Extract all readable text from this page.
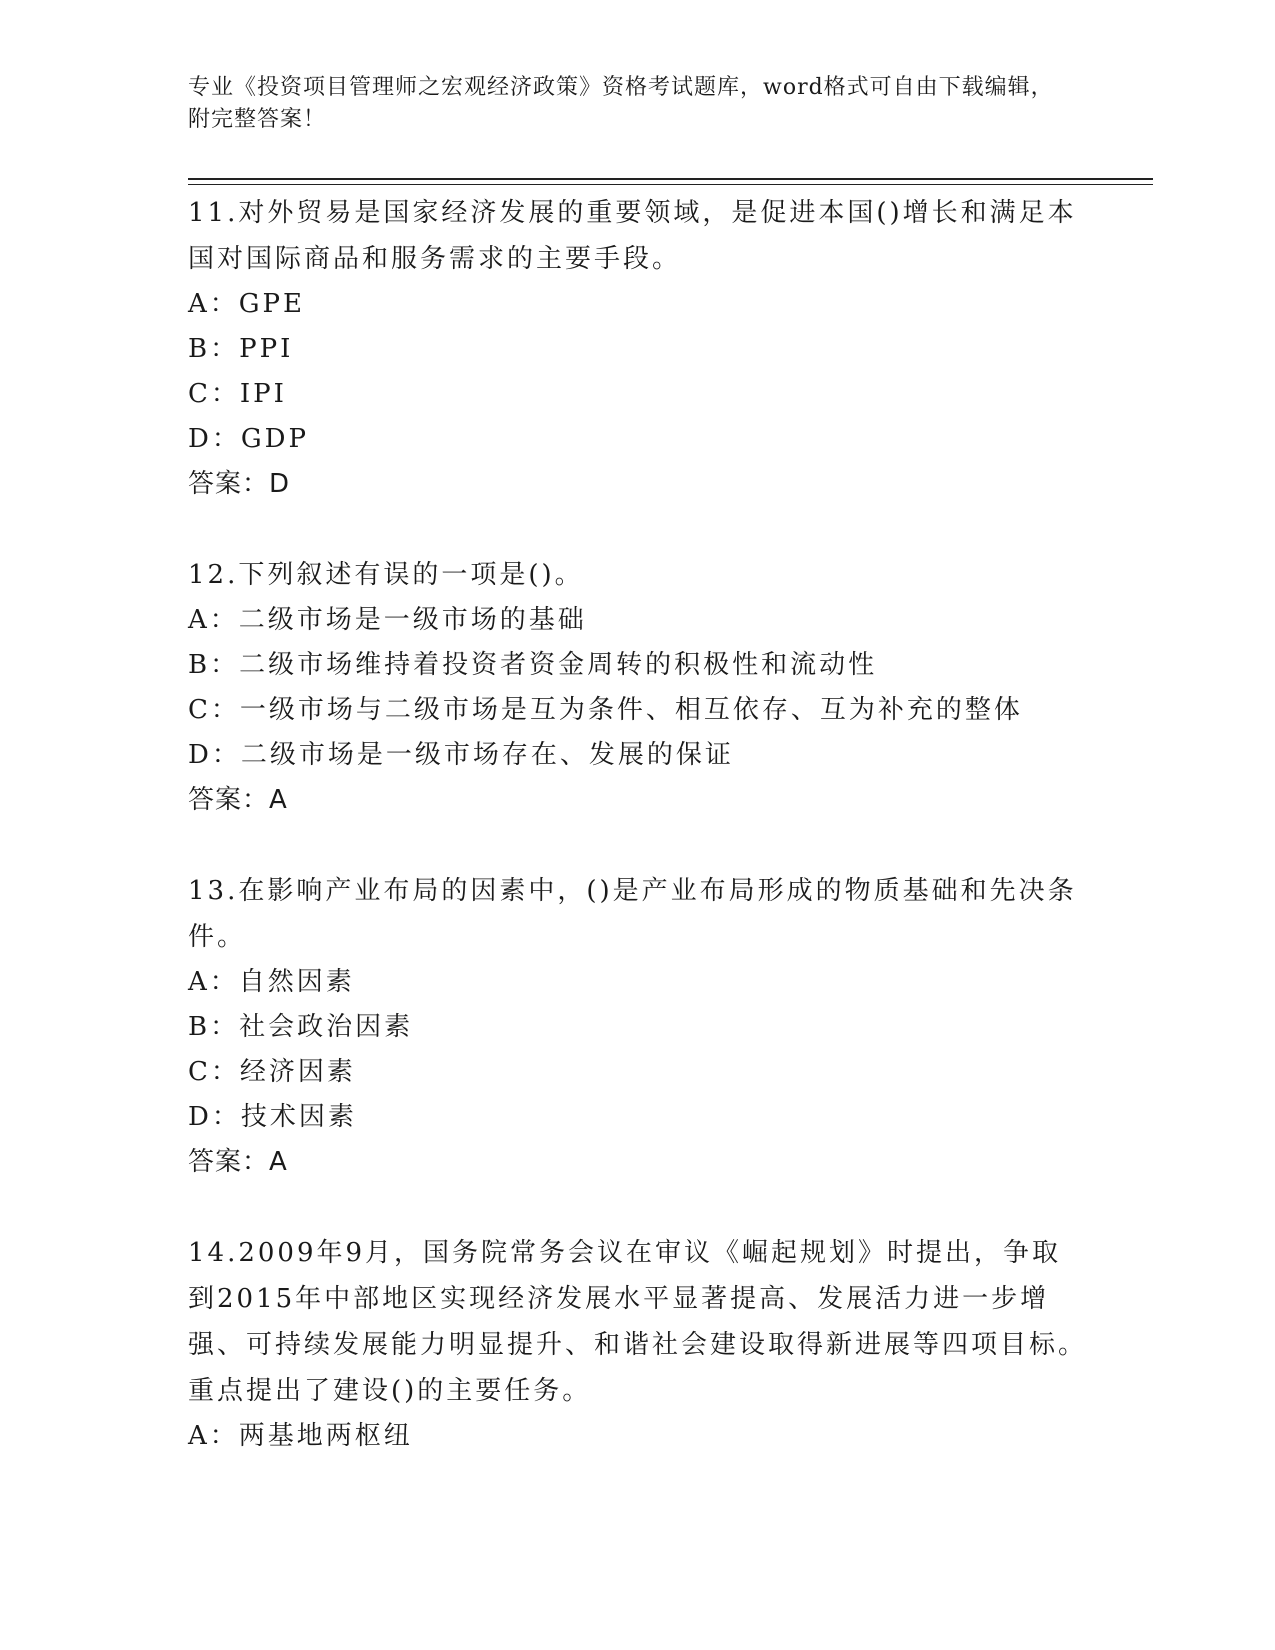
专业《投资项目管理师之宏观经济政策》资格考试题库，word格式可自由下载编辑，附完整答案！

11.对外贸易是国家经济发展的重要领域，是促进本国()增长和满足本国对国际商品和服务需求的主要手段。

A：GPE

B：PPI

C：IPI

D：GDP

答案：D

12.下列叙述有误的一项是()。

A：二级市场是一级市场的基础

B：二级市场维持着投资者资金周转的积极性和流动性

C：一级市场与二级市场是互为条件、相互依存、互为补充的整体

D：二级市场是一级市场存在、发展的保证

答案：A

13.在影响产业布局的因素中，()是产业布局形成的物质基础和先决条件。

A：自然因素

B：社会政治因素

C：经济因素

D：技术因素

答案：A

14.2009年9月，国务院常务会议在审议《崛起规划》时提出，争取到2015年中部地区实现经济发展水平显著提高、发展活力进一步增强、可持续发展能力明显提升、和谐社会建设取得新进展等四项目标。重点提出了建设()的主要任务。

A：两基地两枢纽
